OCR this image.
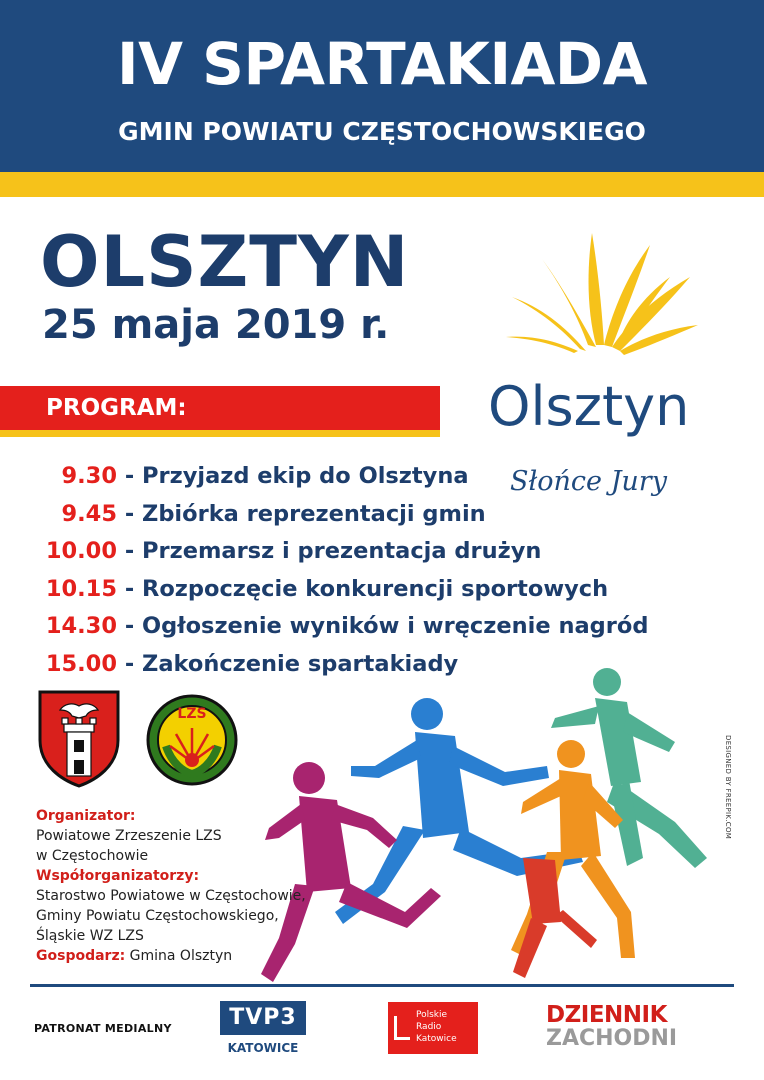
IV SPARTAKIADA
GMIN POWIATU CZĘSTOCHOWSKIEGO
OLSZTYN
25 maja 2019 r.
Olsztyn
Słońce Jury
PROGRAM:
9.30 - Przyjazd ekip do Olsztyna
9.45 - Zbiórka reprezentacji gmin
10.00 - Przemarsz i prezentacja drużyn
10.15 - Rozpoczęcie konkurencji sportowych
14.30 - Ogłoszenie wyników i wręczenie nagród
15.00 - Zakończenie spartakiady
LZS
DESIGNED BY FREEPIK.COM
Organizator:
Powiatowe Zrzeszenie LZS
w Częstochowie
Współorganizatorzy:
Starostwo Powiatowe w Częstochowie,
Gminy Powiatu Częstochowskiego,
Śląskie WZ LZS
Gospodarz: Gmina Olsztyn
PATRONAT MEDIALNY	TVP3
KATOWICE
Polskie
Radio
Katowice
DZIENNIK
ZACHODNI
